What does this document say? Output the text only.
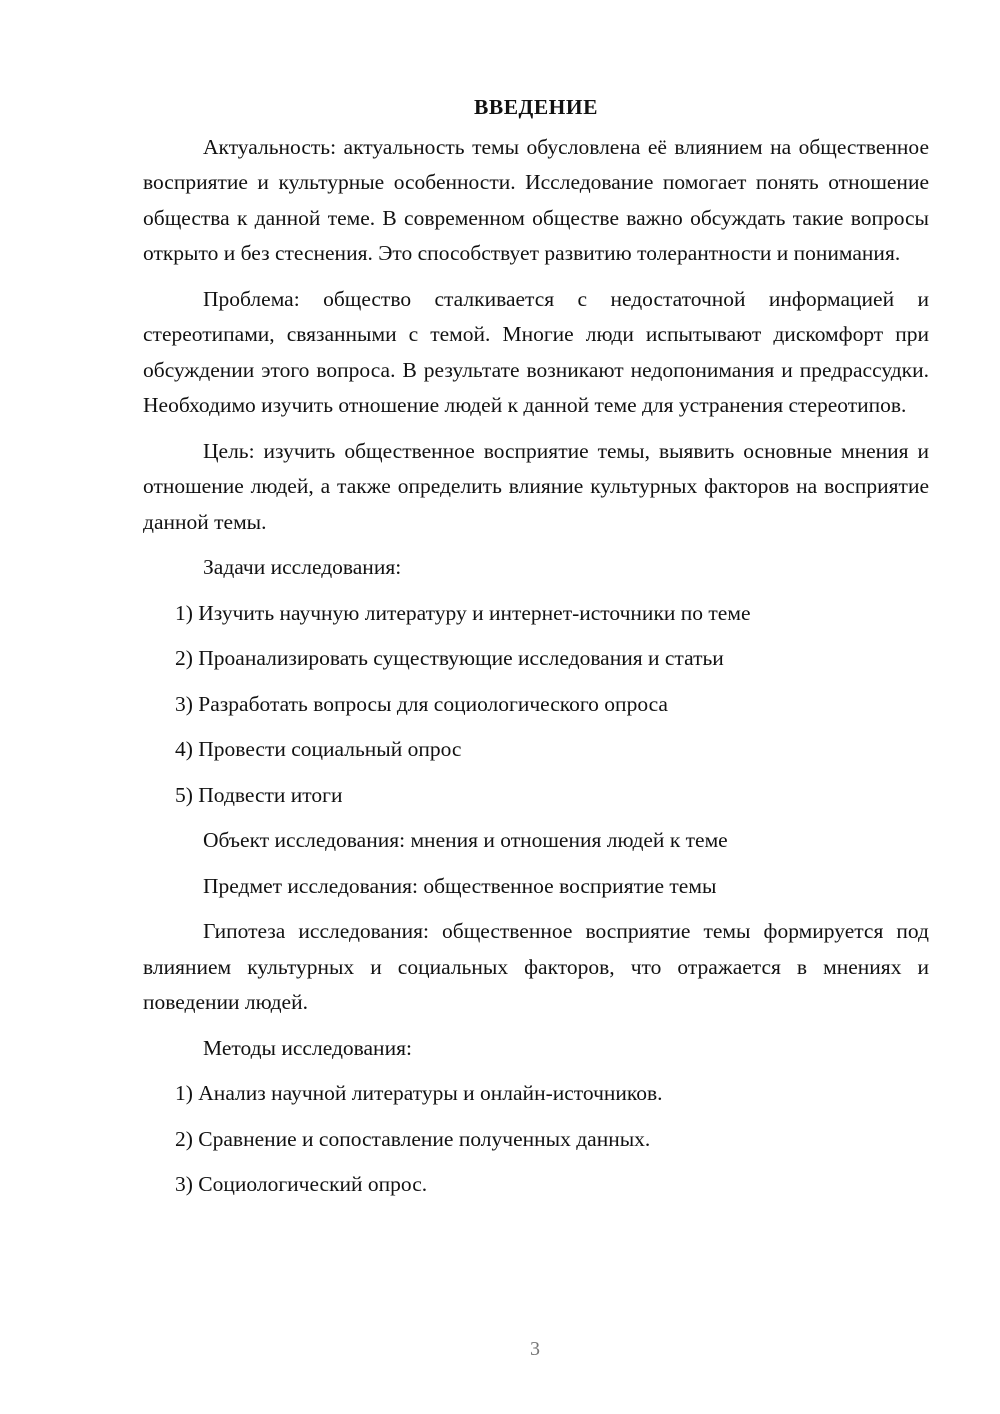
ВВЕДЕНИЕ

Актуальность: актуальность темы обусловлена её влиянием на общественное восприятие и культурные особенности. Исследование помогает понять отношение общества к данной теме. В современном обществе важно обсуждать такие вопросы открыто и без стеснения. Это способствует развитию толерантности и понимания.

Проблема: общество сталкивается с недостаточной информацией и стереотипами, связанными с темой. Многие люди испытывают дискомфорт при обсуждении этого вопроса. В результате возникают недопонимания и предрассудки. Необходимо изучить отношение людей к данной теме для устранения стереотипов.

Цель: изучить общественное восприятие темы, выявить основные мнения и отношение людей, а также определить влияние культурных факторов на восприятие данной темы.

Задачи исследования:

1) Изучить научную литературу и интернет-источники по теме

2) Проанализировать существующие исследования и статьи

3) Разработать вопросы для социологического опроса

4) Провести социальный опрос

5) Подвести итоги

Объект исследования: мнения и отношения людей к теме

Предмет исследования: общественное восприятие темы

Гипотеза исследования: общественное восприятие темы формируется под влиянием культурных и социальных факторов, что отражается в мнениях и поведении людей.

Методы исследования:

1) Анализ научной литературы и онлайн-источников.

2) Сравнение и сопоставление полученных данных.

3) Социологический опрос.

3
